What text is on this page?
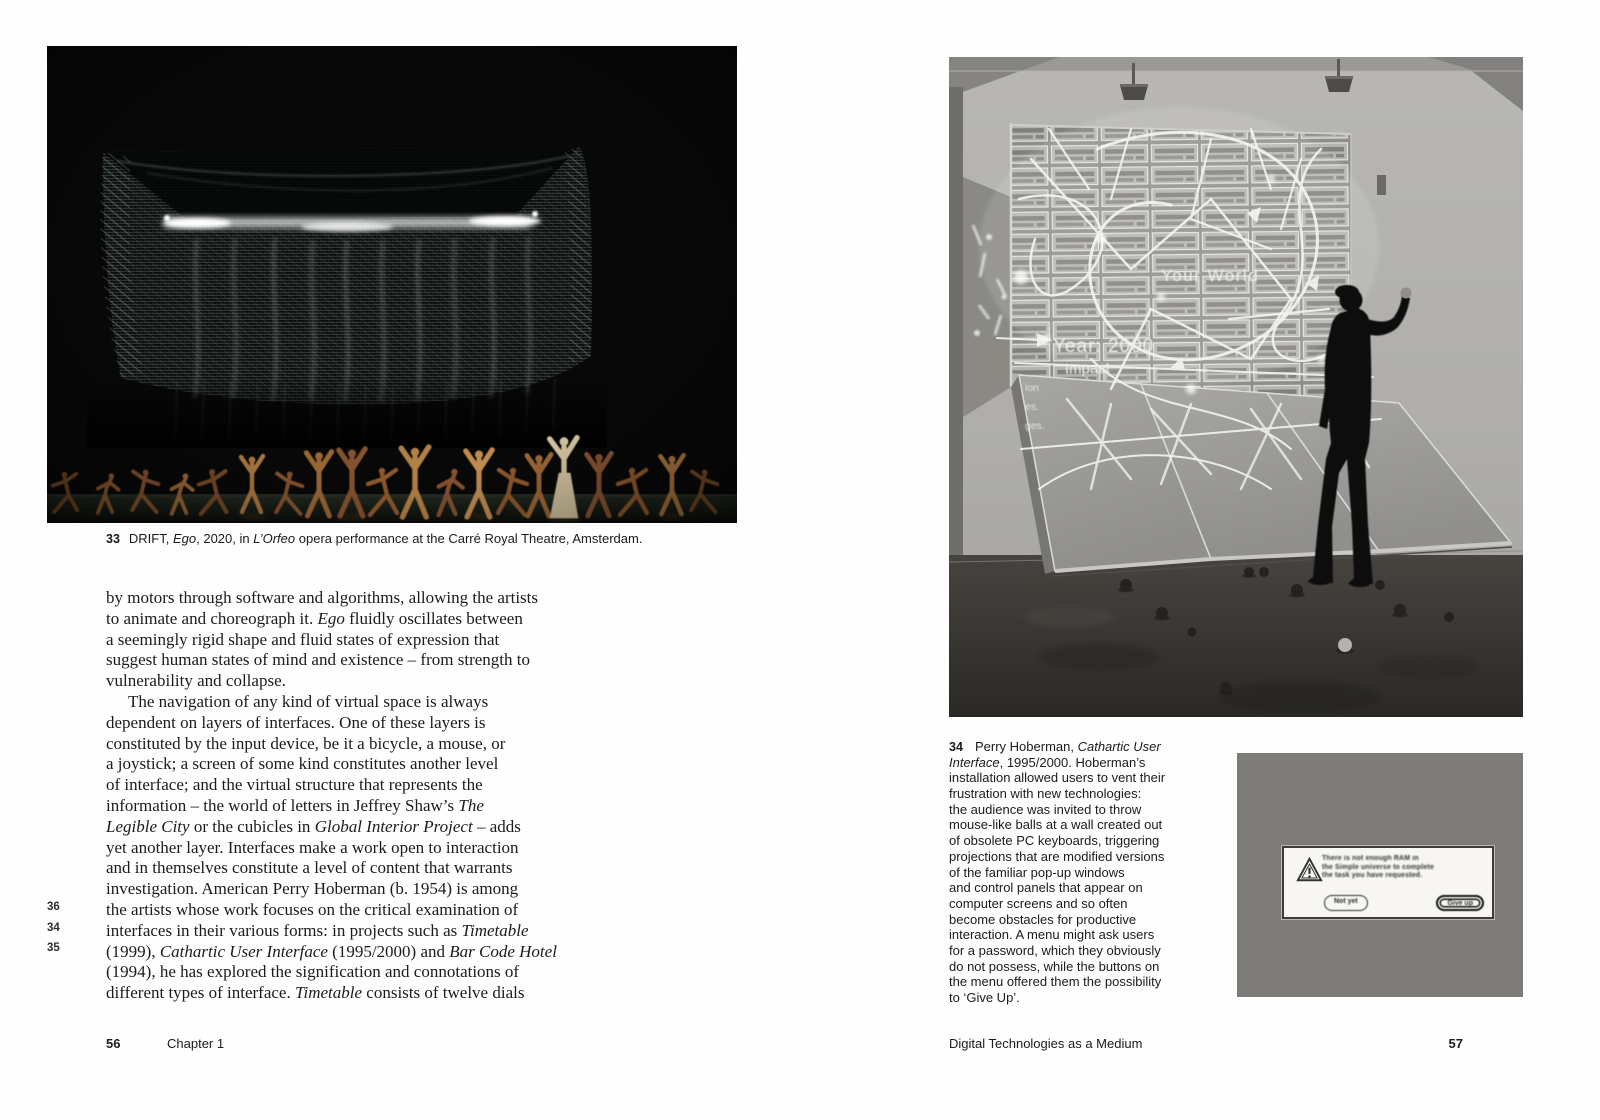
33 DRIFT, Ego, 2020, in L’Orfeo opera performance at the Carré Royal Theatre, Amsterdam.
by motors through software and algorithms, allowing the artists
to animate and choreograph it. Ego fluidly oscillates between
a seemingly rigid shape and fluid states of expression that
suggest human states of mind and existence – from strength to
vulnerability and collapse.
The navigation of any kind of virtual space is always
dependent on layers of interfaces. One of these layers is
constituted by the input device, be it a bicycle, a mouse, or
a joystick; a screen of some kind constitutes another level
of interface; and the virtual structure that represents the
information – the world of letters in Jeffrey Shaw’s The
Legible City or the cubicles in Global Interior Project – adds
yet another layer. Interfaces make a work open to interaction
and in themselves constitute a level of content that warrants
investigation. American Perry Hoberman (b. 1954) is among
the artists whose work focuses on the critical examination of
interfaces in their various forms: in projects such as Timetable
(1999), Cathartic User Interface (1995/2000) and Bar Code Hotel
(1994), he has explored the signification and connotations of
different types of interface. Timetable consists of twelve dials
36
34
35
56	Chapter 1
Your World
Year: 2000
Impact
ion
es.
ges.
34 Perry Hoberman, Cathartic User
Interface, 1995/2000. Hoberman’s
installation allowed users to vent their
frustration with new technologies:
the audience was invited to throw
mouse-like balls at a wall created out
of obsolete PC keyboards, triggering
projections that are modified versions
of the familiar pop-up windows
and control panels that appear on
computer screens and so often
become obstacles for productive
interaction. A menu might ask users
for a password, which they obviously
do not possess, while the buttons on
the menu offered them the possibility
to ‘Give Up’.
There is not enough RAM in
the Simple universe to complete
the task you have requested.
Not yet	Give up
Digital Technologies as a Medium	57
